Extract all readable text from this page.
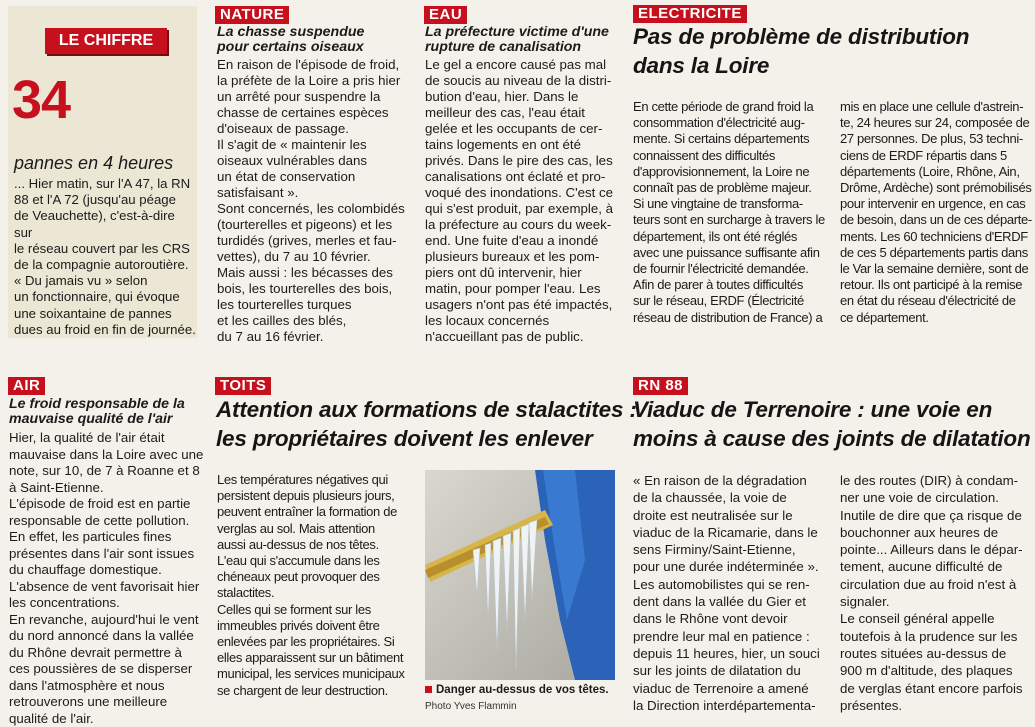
LE CHIFFRE
34
pannes en 4 heures
... Hier matin, sur l'A 47, la RN
88 et l'A 72 (jusqu'au péage
de Veauchette), c'est-à-dire sur
le réseau couvert par les CRS
de la compagnie autoroutière.
« Du jamais vu » selon
un fonctionnaire, qui évoque
une soixantaine de pannes
dues au froid en fin de journée.
NATURE
La chasse suspendue
pour certains oiseaux
En raison de l'épisode de froid,
la préfète de la Loire a pris hier
un arrêté pour suspendre la
chasse de certaines espèces
d'oiseaux de passage.
Il s'agit de « maintenir les
oiseaux vulnérables dans
un état de conservation
satisfaisant ».
Sont concernés, les colombidés
(tourterelles et pigeons) et les
turdidés (grives, merles et fau-
vettes), du 7 au 10 février.
Mais aussi : les bécasses des
bois, les tourterelles des bois,
les tourterelles turques
et les cailles des blés,
du 7 au 16 février.
EAU
La préfecture victime d'une
rupture de canalisation
Le gel a encore causé pas mal
de soucis au niveau de la distri-
bution d'eau, hier. Dans le
meilleur des cas, l'eau était
gelée et les occupants de cer-
tains logements en ont été
privés. Dans le pire des cas, les
canalisations ont éclaté et pro-
voqué des inondations. C'est ce
qui s'est produit, par exemple, à
la préfecture au cours du week-
end. Une fuite d'eau a inondé
plusieurs bureaux et les pom-
piers ont dû intervenir, hier
matin, pour pomper l'eau. Les
usagers n'ont pas été impactés,
les locaux concernés
n'accueillant pas de public.
ELECTRICITE
Pas de problème de distribution
dans la Loire
En cette période de grand froid la
consommation d'électricité aug-
mente. Si certains départements
connaissent des difficultés
d'approvisionnement, la Loire ne
connaît pas de problème majeur.
Si une vingtaine de transforma-
teurs sont en surcharge à travers le
département, ils ont été réglés
avec une puissance suffisante afin
de fournir l'électricité demandée.
Afin de parer à toutes difficultés
sur le réseau, ERDF (Électricité
réseau de distribution de France) a
mis en place une cellule d'astrein-
te, 24 heures sur 24, composée de
27 personnes. De plus, 53 techni-
ciens de ERDF répartis dans 5
départements (Loire, Rhône, Ain,
Drôme, Ardèche) sont prémobilisés
pour intervenir en urgence, en cas
de besoin, dans un de ces départe-
ments. Les 60 techniciens d'ERDF
de ces 5 départements partis dans
le Var la semaine dernière, sont de
retour. Ils ont participé à la remise
en état du réseau d'électricité de
ce département.
AIR
Le froid responsable de la
mauvaise qualité de l'air
Hier, la qualité de l'air était
mauvaise dans la Loire avec une
note, sur 10, de 7 à Roanne et 8
à Saint-Etienne.
L'épisode de froid est en partie
responsable de cette pollution.
En effet, les particules fines
présentes dans l'air sont issues
du chauffage domestique.
L'absence de vent favorisait hier
les concentrations.
En revanche, aujourd'hui le vent
du nord annoncé dans la vallée
du Rhône devrait permettre à
ces poussières de se disperser
dans l'atmosphère et nous
retrouverons une meilleure
qualité de l'air.
TOITS
Attention aux formations de stalactites :
les propriétaires doivent les enlever
Les températures négatives qui
persistent depuis plusieurs jours,
peuvent entraîner la formation de
verglas au sol. Mais attention
aussi au-dessus de nos têtes.
L'eau qui s'accumule dans les
chéneaux peut provoquer des
stalactites.
Celles qui se forment sur les
immeubles privés doivent être
enlevées par les propriétaires. Si
elles apparaissent sur un bâtiment
municipal, les services municipaux
se chargent de leur destruction.	Danger au-dessus de vos têtes.
Photo Yves Flammin
RN 88
Viaduc de Terrenoire : une voie en
moins à cause des joints de dilatation
« En raison de la dégradation
de la chaussée, la voie de
droite est neutralisée sur le
viaduc de la Ricamarie, dans le
sens Firminy/Saint-Etienne,
pour une durée indéterminée ».
Les automobilistes qui se ren-
dent dans la vallée du Gier et
dans le Rhône vont devoir
prendre leur mal en patience :
depuis 11 heures, hier, un souci
sur les joints de dilatation du
viaduc de Terrenoire a amené
la Direction interdépartementa-
le des routes (DIR) à condam-
ner une voie de circulation.
Inutile de dire que ça risque de
bouchonner aux heures de
pointe... Ailleurs dans le dépar-
tement, aucune difficulté de
circulation due au froid n'est à
signaler.
Le conseil général appelle
toutefois à la prudence sur les
routes situées au-dessus de
900 m d'altitude, des plaques
de verglas étant encore parfois
présentes.
